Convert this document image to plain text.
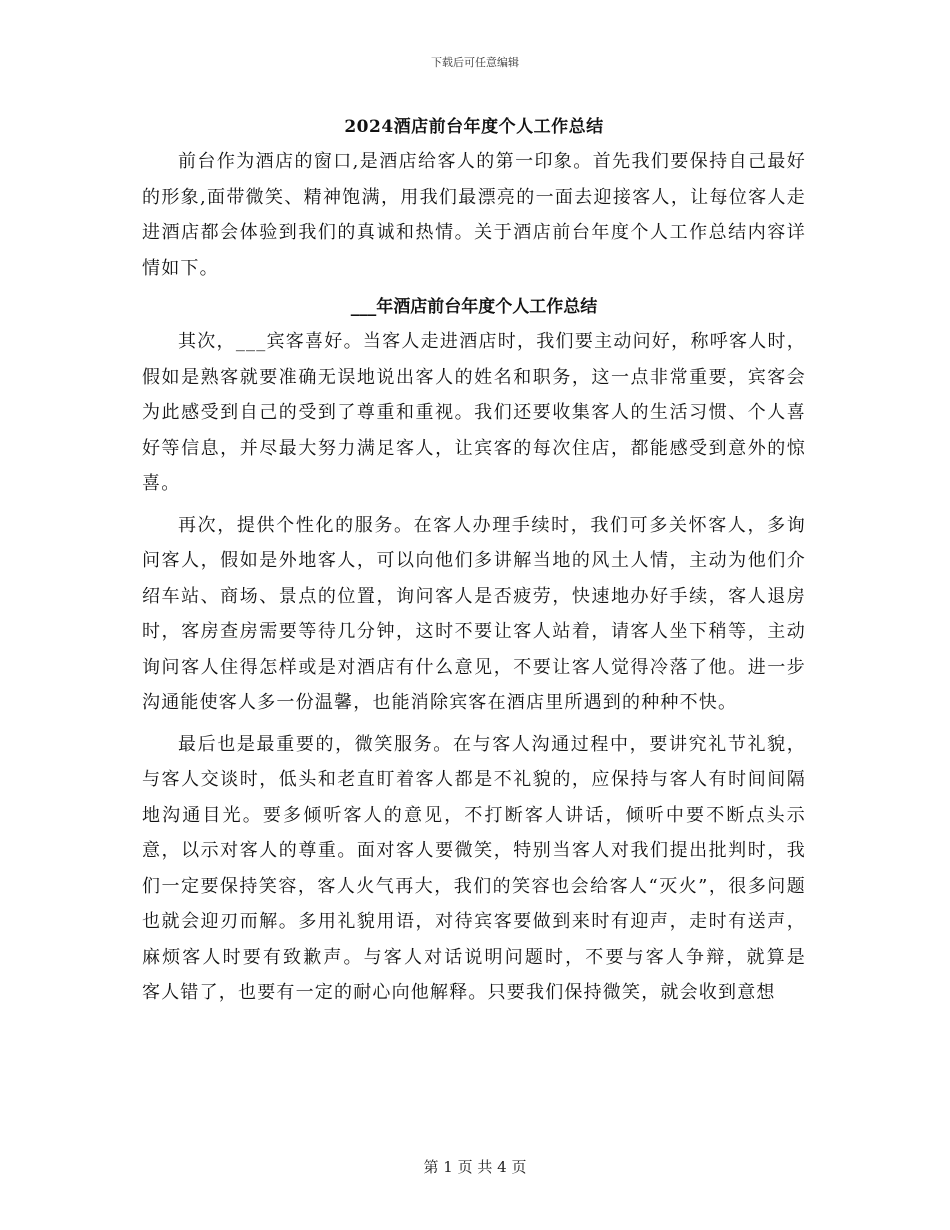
下载后可任意编辑
2024酒店前台年度个人工作总结

前台作为酒店的窗口,是酒店给客人的第一印象。首先我们要保持自己最好的形象,面带微笑、精神饱满，用我们最漂亮的一面去迎接客人，让每位客人走进酒店都会体验到我们的真诚和热情。关于酒店前台年度个人工作总结内容详情如下。

___年酒店前台年度个人工作总结

其次，___宾客喜好。当客人走进酒店时，我们要主动问好，称呼客人时，假如是熟客就要准确无误地说出客人的姓名和职务，这一点非常重要，宾客会为此感受到自己的受到了尊重和重视。我们还要收集客人的生活习惯、个人喜好等信息，并尽最大努力满足客人，让宾客的每次住店，都能感受到意外的惊喜。

再次，提供个性化的服务。在客人办理手续时，我们可多关怀客人，多询问客人，假如是外地客人，可以向他们多讲解当地的风土人情，主动为他们介绍车站、商场、景点的位置，询问客人是否疲劳，快速地办好手续，客人退房时，客房查房需要等待几分钟，这时不要让客人站着，请客人坐下稍等，主动询问客人住得怎样或是对酒店有什么意见，不要让客人觉得冷落了他。进一步沟通能使客人多一份温馨，也能消除宾客在酒店里所遇到的种种不快。

最后也是最重要的，微笑服务。在与客人沟通过程中，要讲究礼节礼貌，与客人交谈时，低头和老直盯着客人都是不礼貌的，应保持与客人有时间间隔地沟通目光。要多倾听客人的意见，不打断客人讲话，倾听中要不断点头示意，以示对客人的尊重。面对客人要微笑，特别当客人对我们提出批判时，我们一定要保持笑容，客人火气再大，我们的笑容也会给客人“灭火”，很多问题也就会迎刃而解。多用礼貌用语，对待宾客要做到来时有迎声，走时有送声，麻烦客人时要有致歉声。与客人对话说明问题时，不要与客人争辩，就算是　 客人错了，也要有一定的耐心向他解释。只要我们保持微笑，就会收到意想

第 1 页 共 4 页
